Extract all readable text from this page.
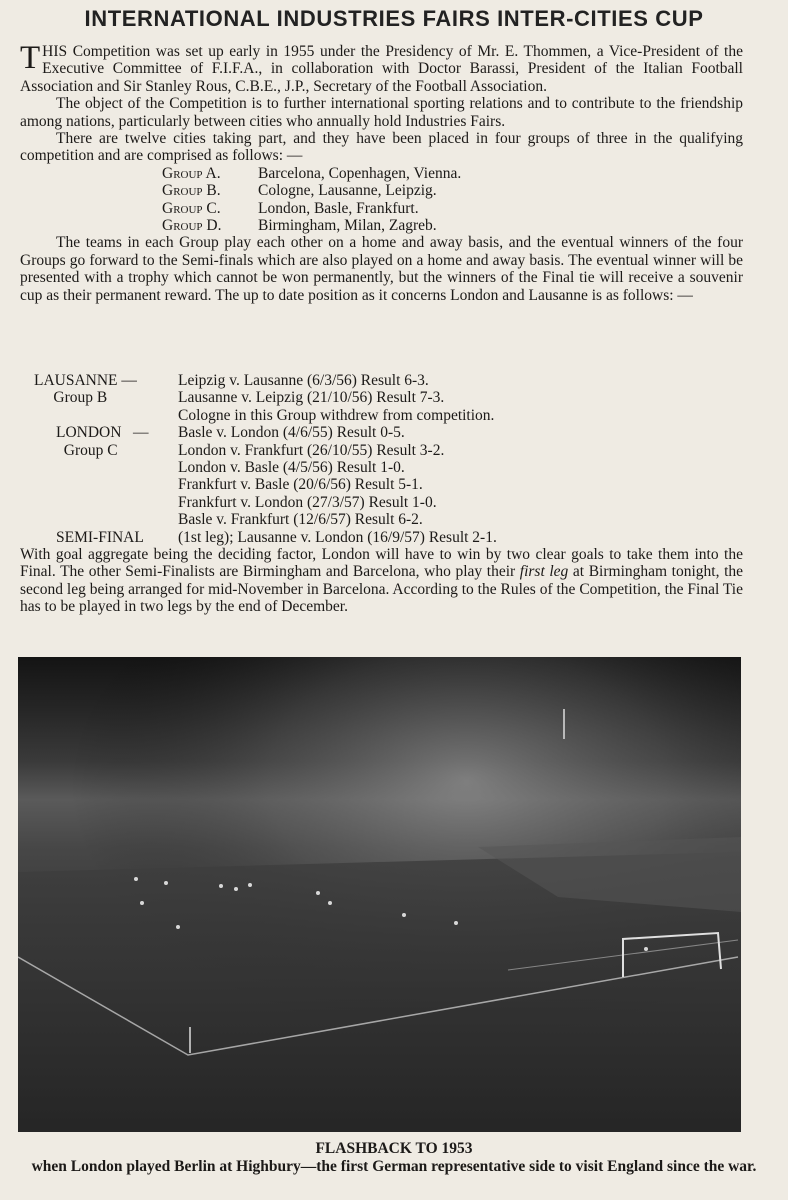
INTERNATIONAL INDUSTRIES FAIRS INTER-CITIES CUP

THIS Competition was set up early in 1955 under the Presidency of Mr. E. Thommen, a Vice-President of the Executive Committee of F.I.F.A., in collaboration with Doctor Barassi, President of the Italian Football Association and Sir Stanley Rous, C.B.E., J.P., Secretary of the Football Association.

The object of the Competition is to further international sporting relations and to contribute to the friendship among nations, particularly between cities who annually hold Industries Fairs.

There are twelve cities taking part, and they have been placed in four groups of three in the qualifying competition and are comprised as follows: —

Group A. Barcelona, Copenhagen, Vienna.
Group B. Cologne, Lausanne, Leipzig.
Group C. London, Basle, Frankfurt.
Group D. Birmingham, Milan, Zagreb.

The teams in each Group play each other on a home and away basis, and the eventual winners of the four Groups go forward to the Semi-finals which are also played on a home and away basis. The eventual winner will be presented with a trophy which cannot be won permanently, but the winners of the Final tie will receive a souvenir cup as their permanent reward. The up to date position as it concerns London and Lausanne is as follows: —

LAUSANNE —	Leipzig v. Lausanne (6/3/56) Result 6-3.
Group B	Lausanne v. Leipzig (21/10/56) Result 7-3.
Cologne in this Group withdrew from competition.
LONDON   —	Basle v. London (4/6/55) Result 0-5.
Group C	London v. Frankfurt (26/10/55) Result 3-2.
London v. Basle (4/5/56) Result 1-0.
Frankfurt v. Basle (20/6/56) Result 5-1.
Frankfurt v. London (27/3/57) Result 1-0.
Basle v. Frankfurt (12/6/57) Result 6-2.
SEMI-FINAL	(1st leg); Lausanne v. London (16/9/57) Result 2-1.

With goal aggregate being the deciding factor, London will have to win by two clear goals to take them into the Final. The other Semi-Finalists are Birmingham and Barcelona, who play their first leg at Birmingham tonight, the second leg being arranged for mid-November in Barcelona. According to the Rules of the Competition, the Final Tie has to be played in two legs by the end of December.

FLASHBACK TO 1953
when London played Berlin at Highbury—the first German representative side to visit England since the war.
